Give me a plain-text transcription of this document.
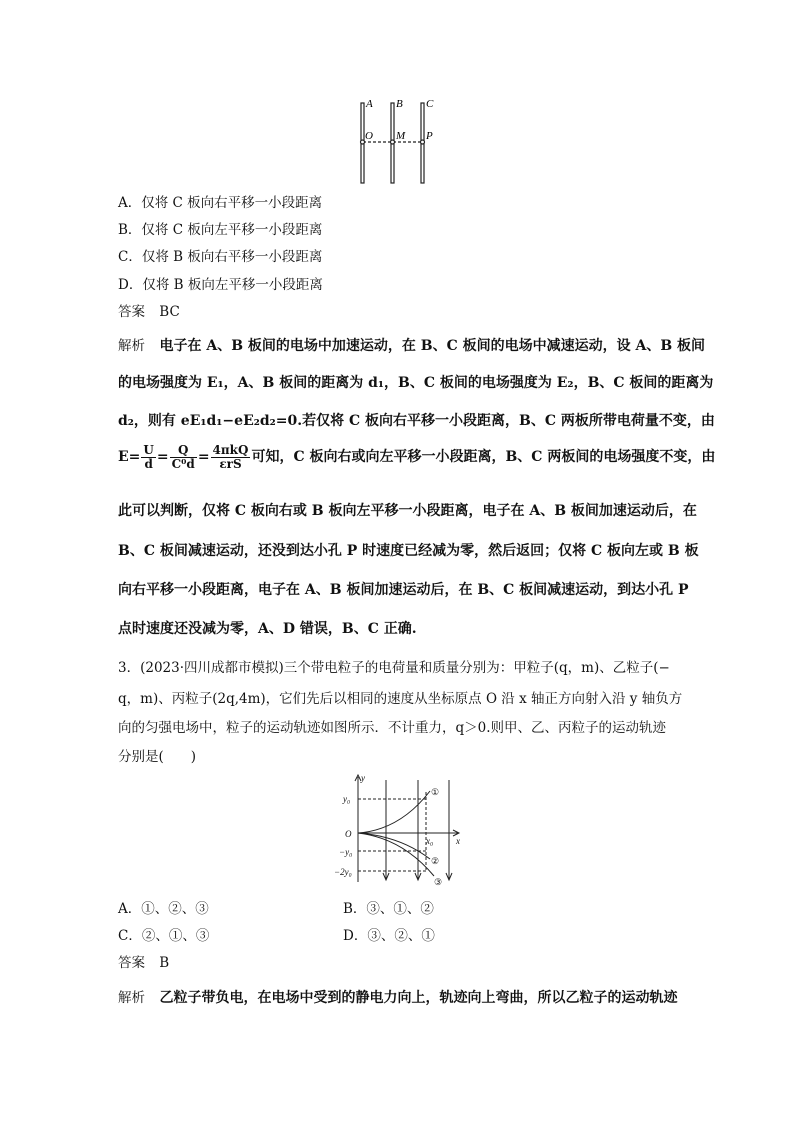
A B C
O M P
A．仅将 C 板向右平移一小段距离
B．仅将 C 板向左平移一小段距离
C．仅将 B 板向右平移一小段距离
D．仅将 B 板向左平移一小段距离
答案 BC
解析 电子在 A、B 板间的电场中加速运动，在 B、C 板间的电场中减速运动，设 A、B 板间
的电场强度为 E₁，A、B 板间的距离为 d₁，B、C 板间的电场强度为 E₂，B、C 板间的距离为
d₂，则有 eE₁d₁−eE₂d₂=0.若仅将 C 板向右平移一小段距离，B、C 两板所带电荷量不变，由
$E= \frac{U}{d} = \frac{Q}{\text{C⁰d}} = \frac{\text{4πkQ}}{\text{εrS}}$ 可知，C 板向右或向左平移一小段距离，B、C 两板间的电场强度不变，由
此可以判断，仅将 C 板向右或 B 板向左平移一小段距离，电子在 A、B 板间加速运动后，在
B、C 板间减速运动，还没到达小孔 P 时速度已经减为零，然后返回；仅将 C 板向左或 B 板
向右平移一小段距离，电子在 A、B 板间加速运动后，在 B、C 板间减速运动，到达小孔 P
点时速度还没减为零，A、D 错误，B、C 正确.
3．(2023·四川成都市模拟)三个带电粒子的电荷量和质量分别为：甲粒子(q，m)、乙粒子(−
q，m)、丙粒子(2q,4m)，它们先后以相同的速度从坐标原点 O 沿 x 轴正方向射入沿 y 轴负方
向的匀强电场中，粒子的运动轨迹如图所示．不计重力，q＞0.则甲、乙、丙粒子的运动轨迹
分别是(　　)
y
x
O
y₀
−y₀
−2y₀
x₀
①
②
③
A．①、②、③	B．③、①、②
C．②、①、③	D．③、②、①
答案 B
解析 乙粒子带负电，在电场中受到的静电力向上，轨迹向上弯曲，所以乙粒子的运动轨迹
